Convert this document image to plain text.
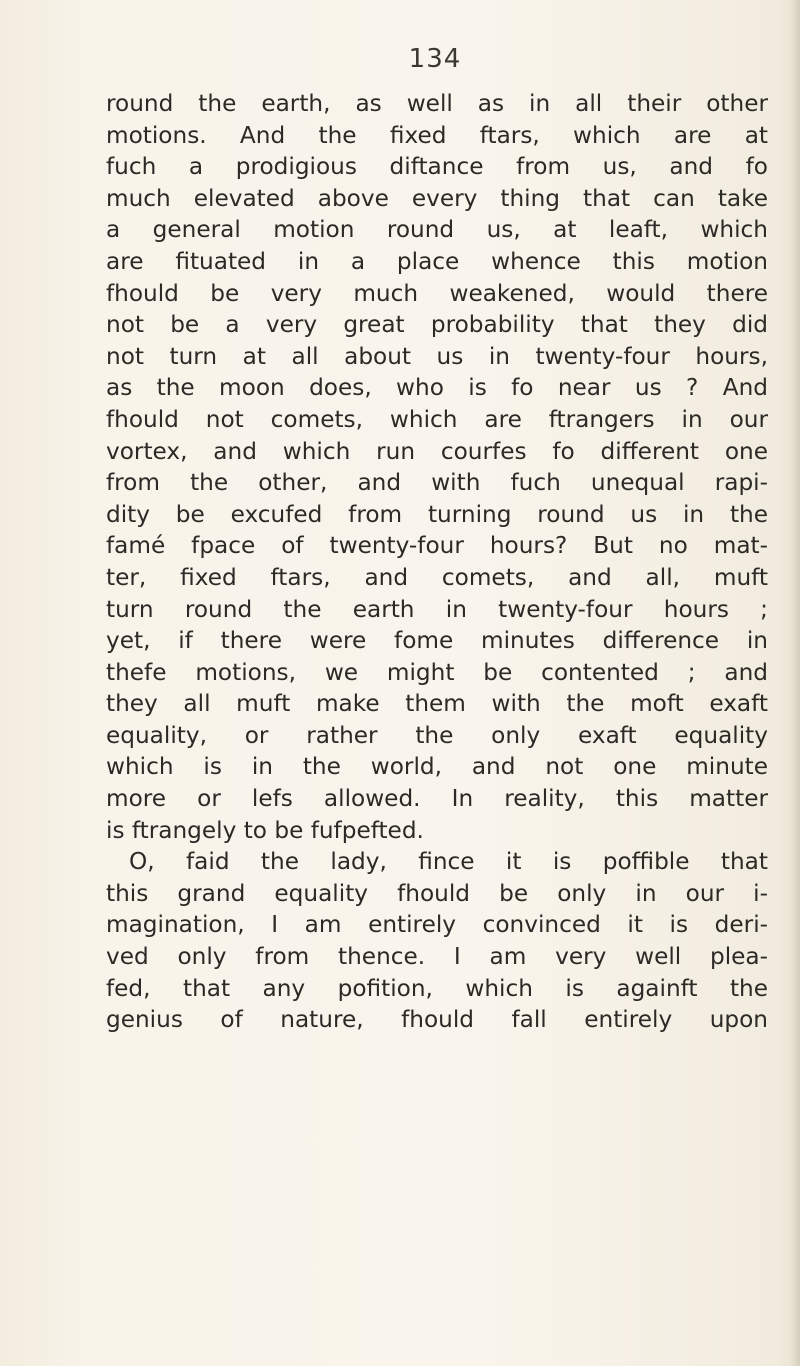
134
round the earth, as well as in all their other
motions. And the fixed ftars, which are at
fuch a prodigious diftance from us, and fo
much elevated above every thing that can take
a general motion round us, at leaft, which
are fituated in a place whence this motion
fhould be very much weakened, would there
not be a very great probability that they did
not turn at all about us in twenty-four hours,
as the moon does, who is fo near us ? And
fhould not comets, which are ftrangers in our
vortex, and which run courfes fo different one
from the other, and with fuch unequal rapi-
dity be excufed from turning round us in the
famé fpace of twenty-four hours? But no mat-
ter, fixed ftars, and comets, and all, muft
turn round the earth in twenty-four hours ;
yet, if there were fome minutes difference in
thefe motions, we might be contented ; and
they all muft make them with the moft exaft
equality, or rather the only exaft equality
which is in the world, and not one minute
more or lefs allowed. In reality, this matter
is ftrangely to be fufpefted.
O, faid the lady, fince it is poffible that
this grand equality fhould be only in our i-
magination, I am entirely convinced it is deri-
ved only from thence. I am very well plea-
fed, that any pofition, which is againft the
genius of nature, fhould fall entirely upon
